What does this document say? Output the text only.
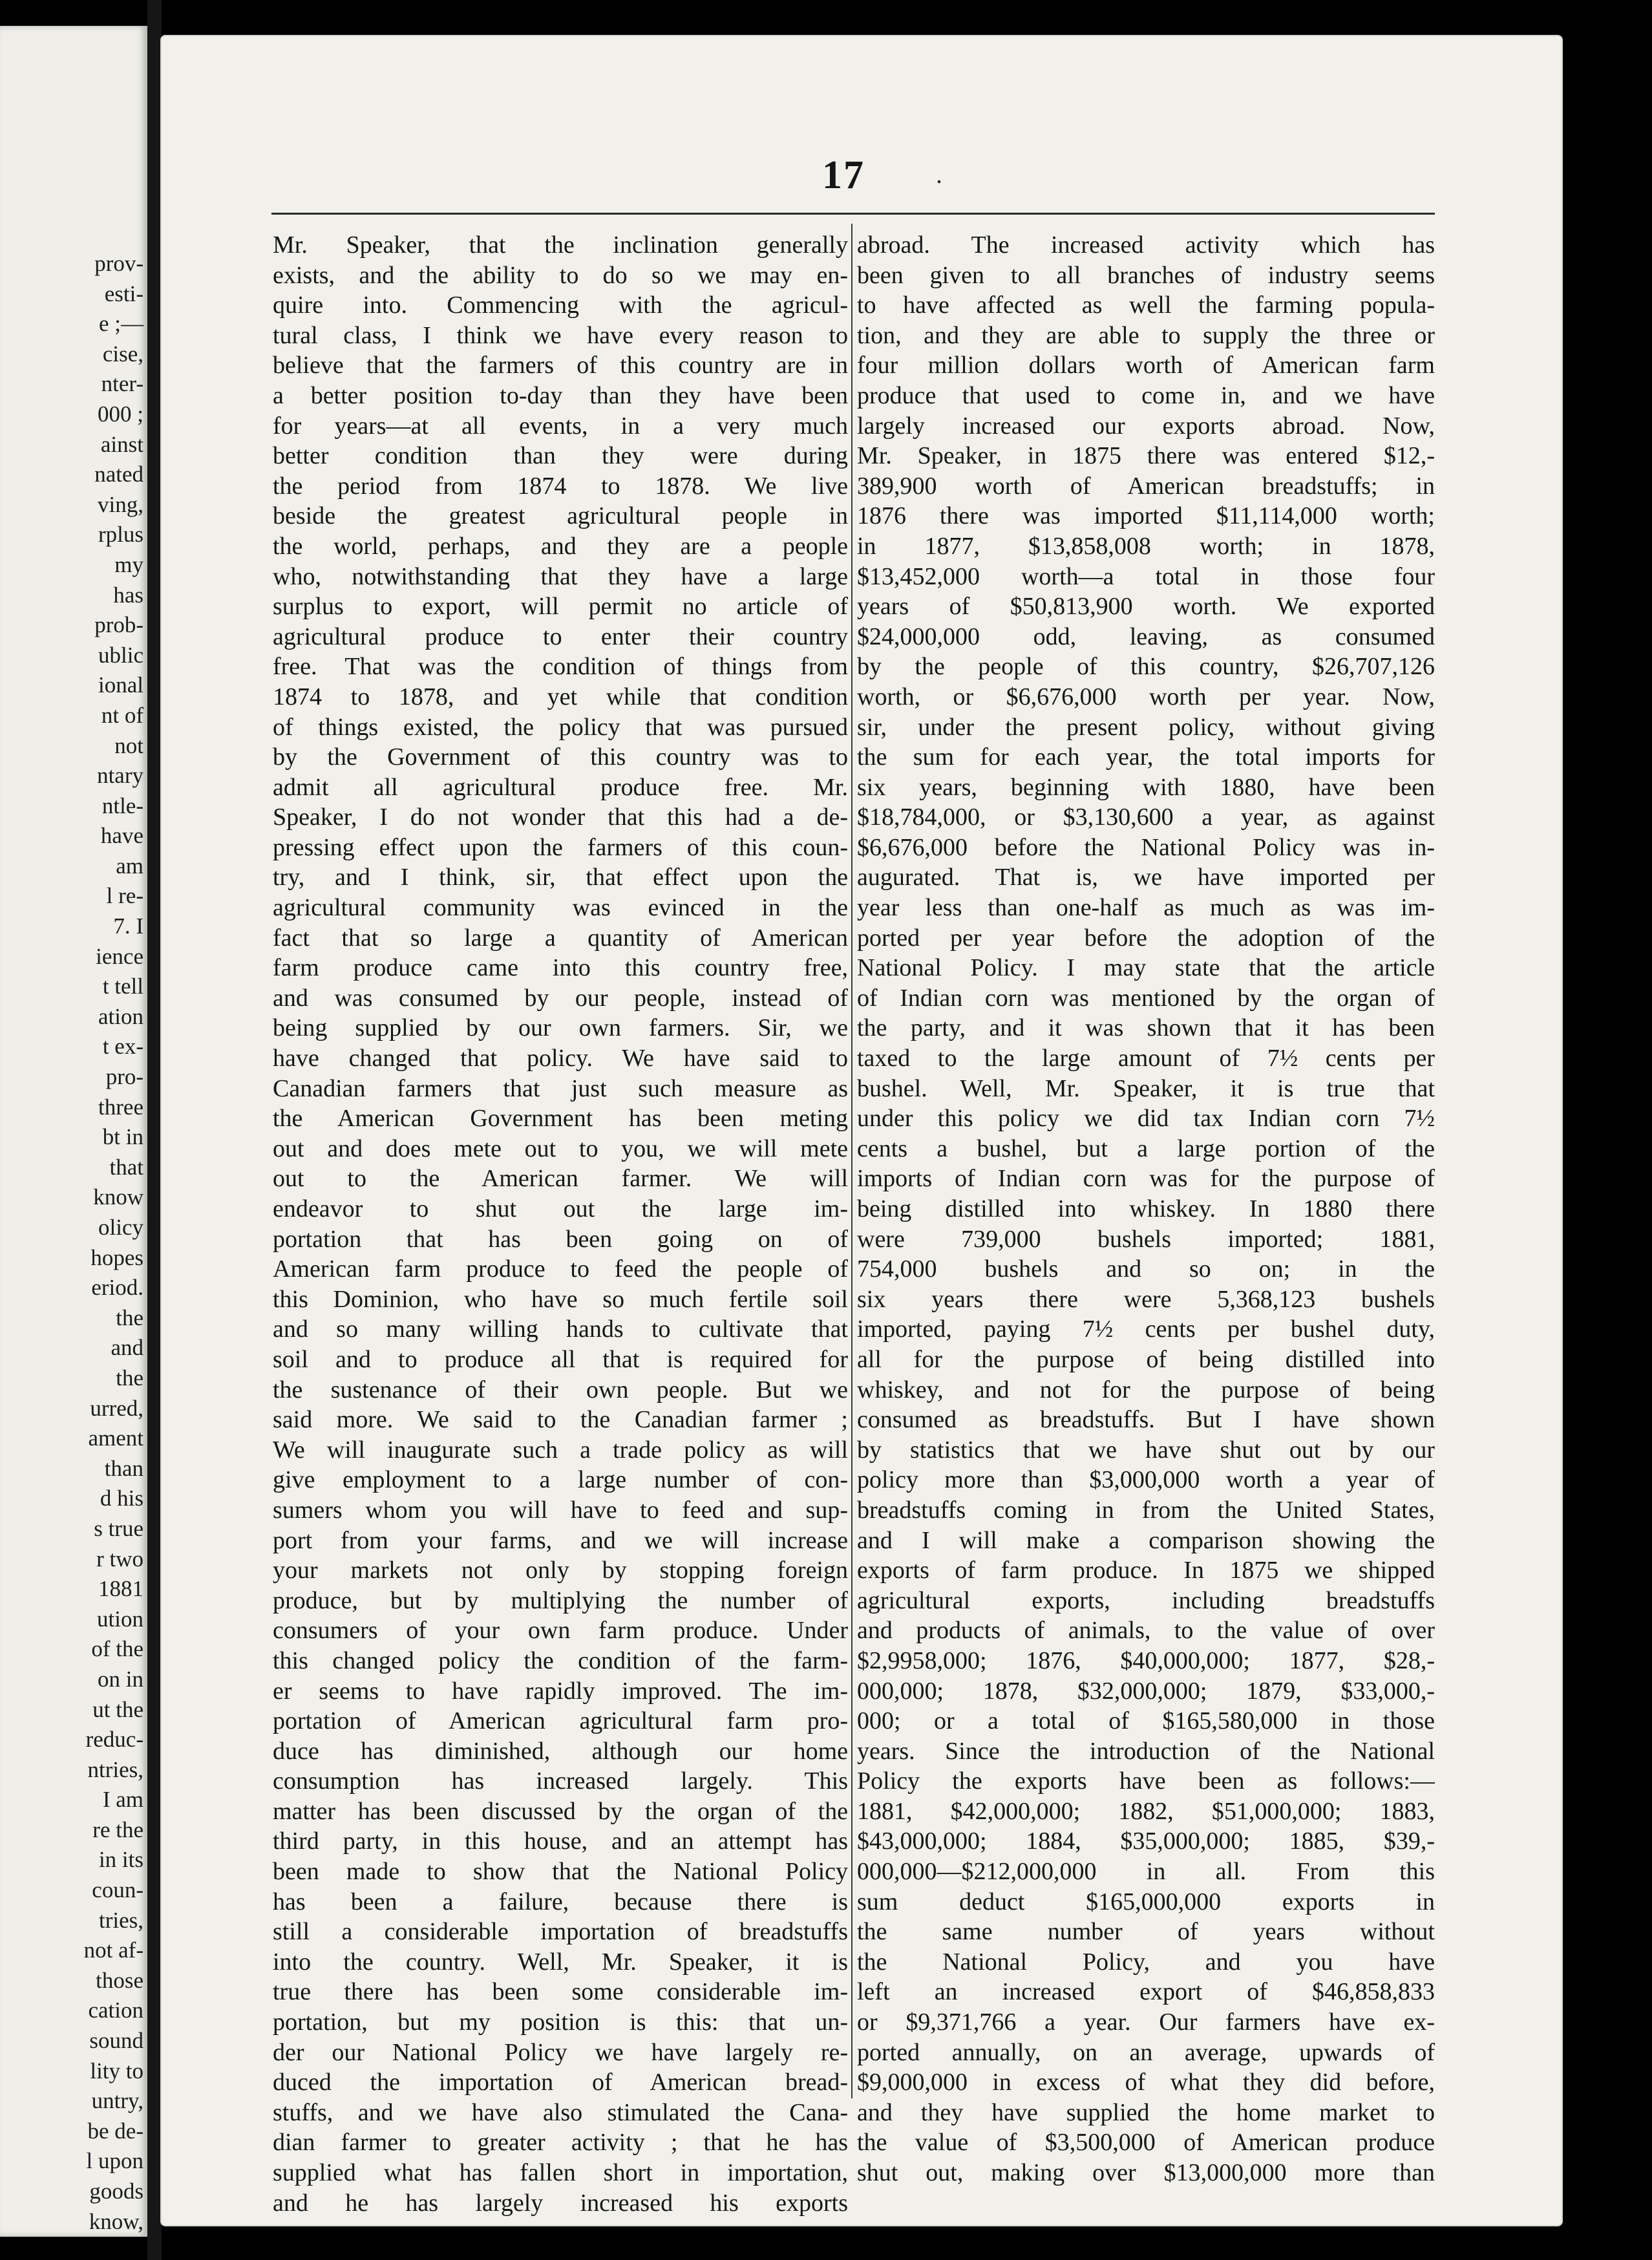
prov-
esti-
e ;—
cise,
nter-
000 ;
ainst
nated
ving,
rplus
my
has
prob-
ublic
ional
nt of
not
ntary
ntle-
have
am
l re-
7. I
ience
t tell
ation
t ex-
pro-
three
bt in
that
know
olicy
hopes
eriod.
the
and
the
urred,
ament
than
d his
s true
r two
1881
ution
of the
on in
ut the
reduc-
ntries,
I am
re the
in its
coun-
tries,
not af-
those
cation
sound
lity to
untry,
be de-
l upon
goods
know,
17	.
Mr. Speaker, that the inclination generally
exists, and the ability to do so we may en-
quire into. Commencing with the agricul-
tural class, I think we have every reason to
believe that the farmers of this country are in
a better position to-day than they have been
for years—at all events, in a very much
better condition than they were during
the period from 1874 to 1878. We live
beside the greatest agricultural people in
the world, perhaps, and they are a people
who, notwithstanding that they have a large
surplus to export, will permit no article of
agricultural produce to enter their country
free. That was the condition of things from
1874 to 1878, and yet while that condition
of things existed, the policy that was pursued
by the Government of this country was to
admit all agricultural produce free. Mr.
Speaker, I do not wonder that this had a de-
pressing effect upon the farmers of this coun-
try, and I think, sir, that effect upon the
agricultural community was evinced in the
fact that so large a quantity of American
farm produce came into this country free,
and was consumed by our people, instead of
being supplied by our own farmers. Sir, we
have changed that policy. We have said to
Canadian farmers that just such measure as
the American Government has been meting
out and does mete out to you, we will mete
out to the American farmer. We will
endeavor to shut out the large im-
portation that has been going on of
American farm produce to feed the people of
this Dominion, who have so much fertile soil
and so many willing hands to cultivate that
soil and to produce all that is required for
the sustenance of their own people. But we
said more. We said to the Canadian farmer ;
We will inaugurate such a trade policy as will
give employment to a large number of con-
sumers whom you will have to feed and sup-
port from your farms, and we will increase
your markets not only by stopping foreign
produce, but by multiplying the number of
consumers of your own farm produce. Under
this changed policy the condition of the farm-
er seems to have rapidly improved. The im-
portation of American agricultural farm pro-
duce has diminished, although our home
consumption has increased largely. This
matter has been discussed by the organ of the
third party, in this house, and an attempt has
been made to show that the National Policy
has been a failure, because there is
still a considerable importation of breadstuffs
into the country. Well, Mr. Speaker, it is
true there has been some considerable im-
portation, but my position is this: that un-
der our National Policy we have largely re-
duced the importation of American bread-
stuffs, and we have also stimulated the Cana-
dian farmer to greater activity ; that he has
supplied what has fallen short in importation,
and he has largely increased his exports
abroad. The increased activity which has
been given to all branches of industry seems
to have affected as well the farming popula-
tion, and they are able to supply the three or
four million dollars worth of American farm
produce that used to come in, and we have
largely increased our exports abroad. Now,
Mr. Speaker, in 1875 there was entered $12,-
389,900 worth of American breadstuffs; in
1876 there was imported $11,114,000 worth;
in 1877, $13,858,008 worth; in 1878,
$13,452,000 worth—a total in those four
years of $50,813,900 worth. We exported
$24,000,000 odd, leaving, as consumed
by the people of this country, $26,707,126
worth, or $6,676,000 worth per year. Now,
sir, under the present policy, without giving
the sum for each year, the total imports for
six years, beginning with 1880, have been
$18,784,000, or $3,130,600 a year, as against
$6,676,000 before the National Policy was in-
augurated. That is, we have imported per
year less than one-half as much as was im-
ported per year before the adoption of the
National Policy. I may state that the article
of Indian corn was mentioned by the organ of
the party, and it was shown that it has been
taxed to the large amount of 7½ cents per
bushel. Well, Mr. Speaker, it is true that
under this policy we did tax Indian corn 7½
cents a bushel, but a large portion of the
imports of Indian corn was for the purpose of
being distilled into whiskey. In 1880 there
were 739,000 bushels imported; 1881,
754,000 bushels and so on; in the
six years there were 5,368,123 bushels
imported, paying 7½ cents per bushel duty,
all for the purpose of being distilled into
whiskey, and not for the purpose of being
consumed as breadstuffs. But I have shown
by statistics that we have shut out by our
policy more than $3,000,000 worth a year of
breadstuffs coming in from the United States,
and I will make a comparison showing the
exports of farm produce. In 1875 we shipped
agricultural exports, including breadstuffs
and products of animals, to the value of over
$2,9958,000; 1876, $40,000,000; 1877, $28,-
000,000; 1878, $32,000,000; 1879, $33,000,-
000; or a total of $165,580,000 in those
years. Since the introduction of the National
Policy the exports have been as follows:—
1881, $42,000,000; 1882, $51,000,000; 1883,
$43,000,000; 1884, $35,000,000; 1885, $39,-
000,000—$212,000,000 in all. From this
sum deduct $165,000,000 exports in
the same number of years without
the National Policy, and you have
left an increased export of $46,858,833
or $9,371,766 a year. Our farmers have ex-
ported annually, on an average, upwards of
$9,000,000 in excess of what they did before,
and they have supplied the home market to
the value of $3,500,000 of American produce
shut out, making over $13,000,000 more than
